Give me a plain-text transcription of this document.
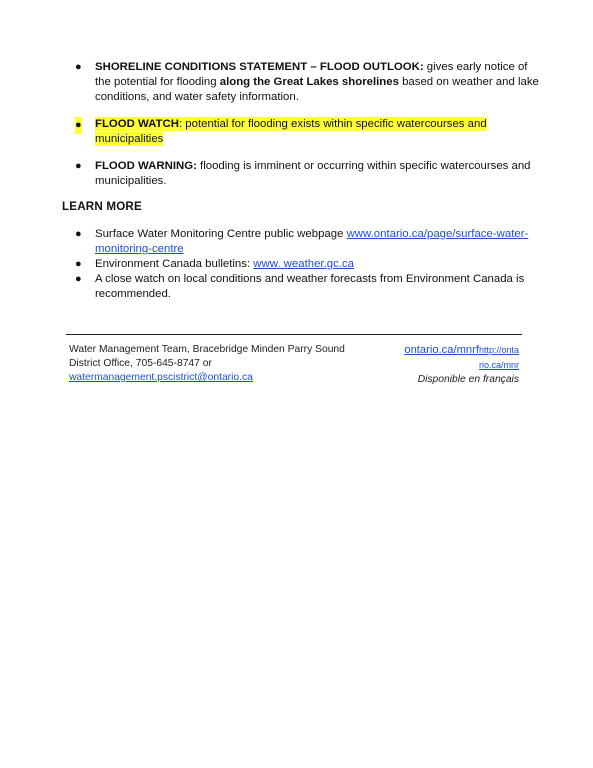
● SHORELINE CONDITIONS STATEMENT – FLOOD OUTLOOK: gives early notice of the potential for flooding along the Great Lakes shorelines based on weather and lake conditions, and water safety information.
● FLOOD WATCH: potential for flooding exists within specific watercourses and municipalities
● FLOOD WARNING: flooding is imminent or occurring within specific watercourses and municipalities.
LEARN MORE
● Surface Water Monitoring Centre public webpage www.ontario.ca/page/surface-water-monitoring-centre
● Environment Canada bulletins: www. weather.gc.ca
● A close watch on local conditions and weather forecasts from Environment Canada is recommended.
Water Management Team, Bracebridge Minden Parry Sound District Office, 705-645-8747 or
watermanagement.pscistrict@ontario.ca
ontario.ca/mnrfhttp://onta rio.ca/mnr
Disponible en français
